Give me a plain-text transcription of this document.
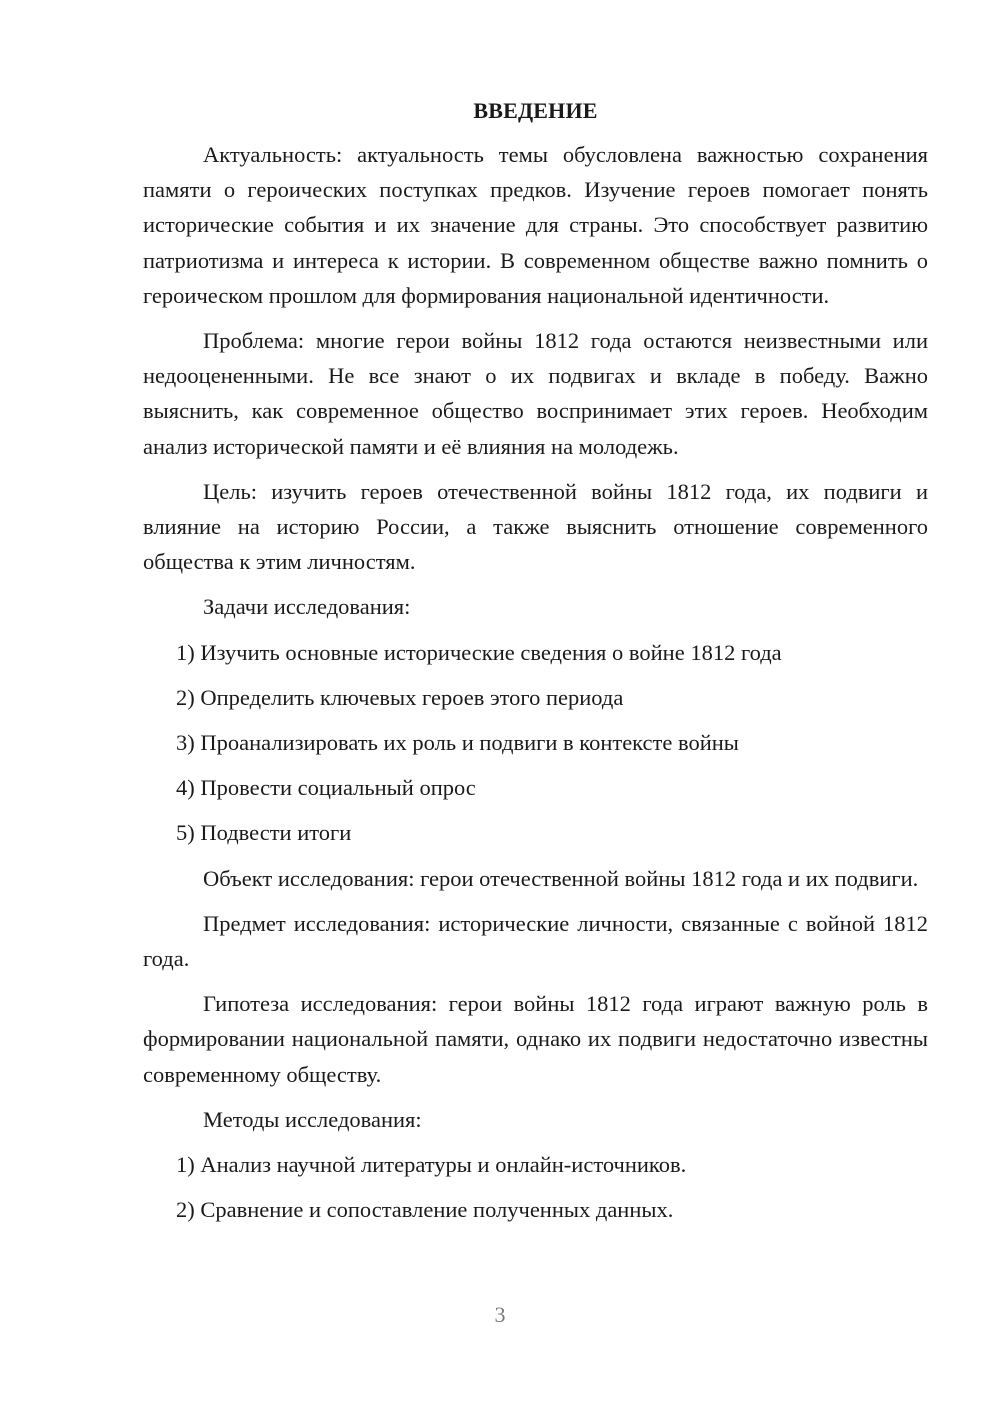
ВВЕДЕНИЕ

Актуальность: актуальность темы обусловлена важностью сохранения памяти о героических поступках предков. Изучение героев помогает понять исторические события и их значение для страны. Это способствует развитию патриотизма и интереса к истории. В современном обществе важно помнить о героическом прошлом для формирования национальной идентичности.

Проблема: многие герои войны 1812 года остаются неизвестными или недооцененными. Не все знают о их подвигах и вкладе в победу. Важно выяснить, как современное общество воспринимает этих героев. Необходим анализ исторической памяти и её влияния на молодежь.

Цель: изучить героев отечественной войны 1812 года, их подвиги и влияние на историю России, а также выяснить отношение современного общества к этим личностям.

Задачи исследования:

1) Изучить основные исторические сведения о войне 1812 года

2) Определить ключевых героев этого периода

3) Проанализировать их роль и подвиги в контексте войны

4) Провести социальный опрос

5) Подвести итоги

Объект исследования: герои отечественной войны 1812 года и их подвиги.

Предмет исследования: исторические личности, связанные с войной 1812 года.

Гипотеза исследования: герои войны 1812 года играют важную роль в формировании национальной памяти, однако их подвиги недостаточно известны современному обществу.

Методы исследования:

1) Анализ научной литературы и онлайн-источников.

2) Сравнение и сопоставление полученных данных.

3
